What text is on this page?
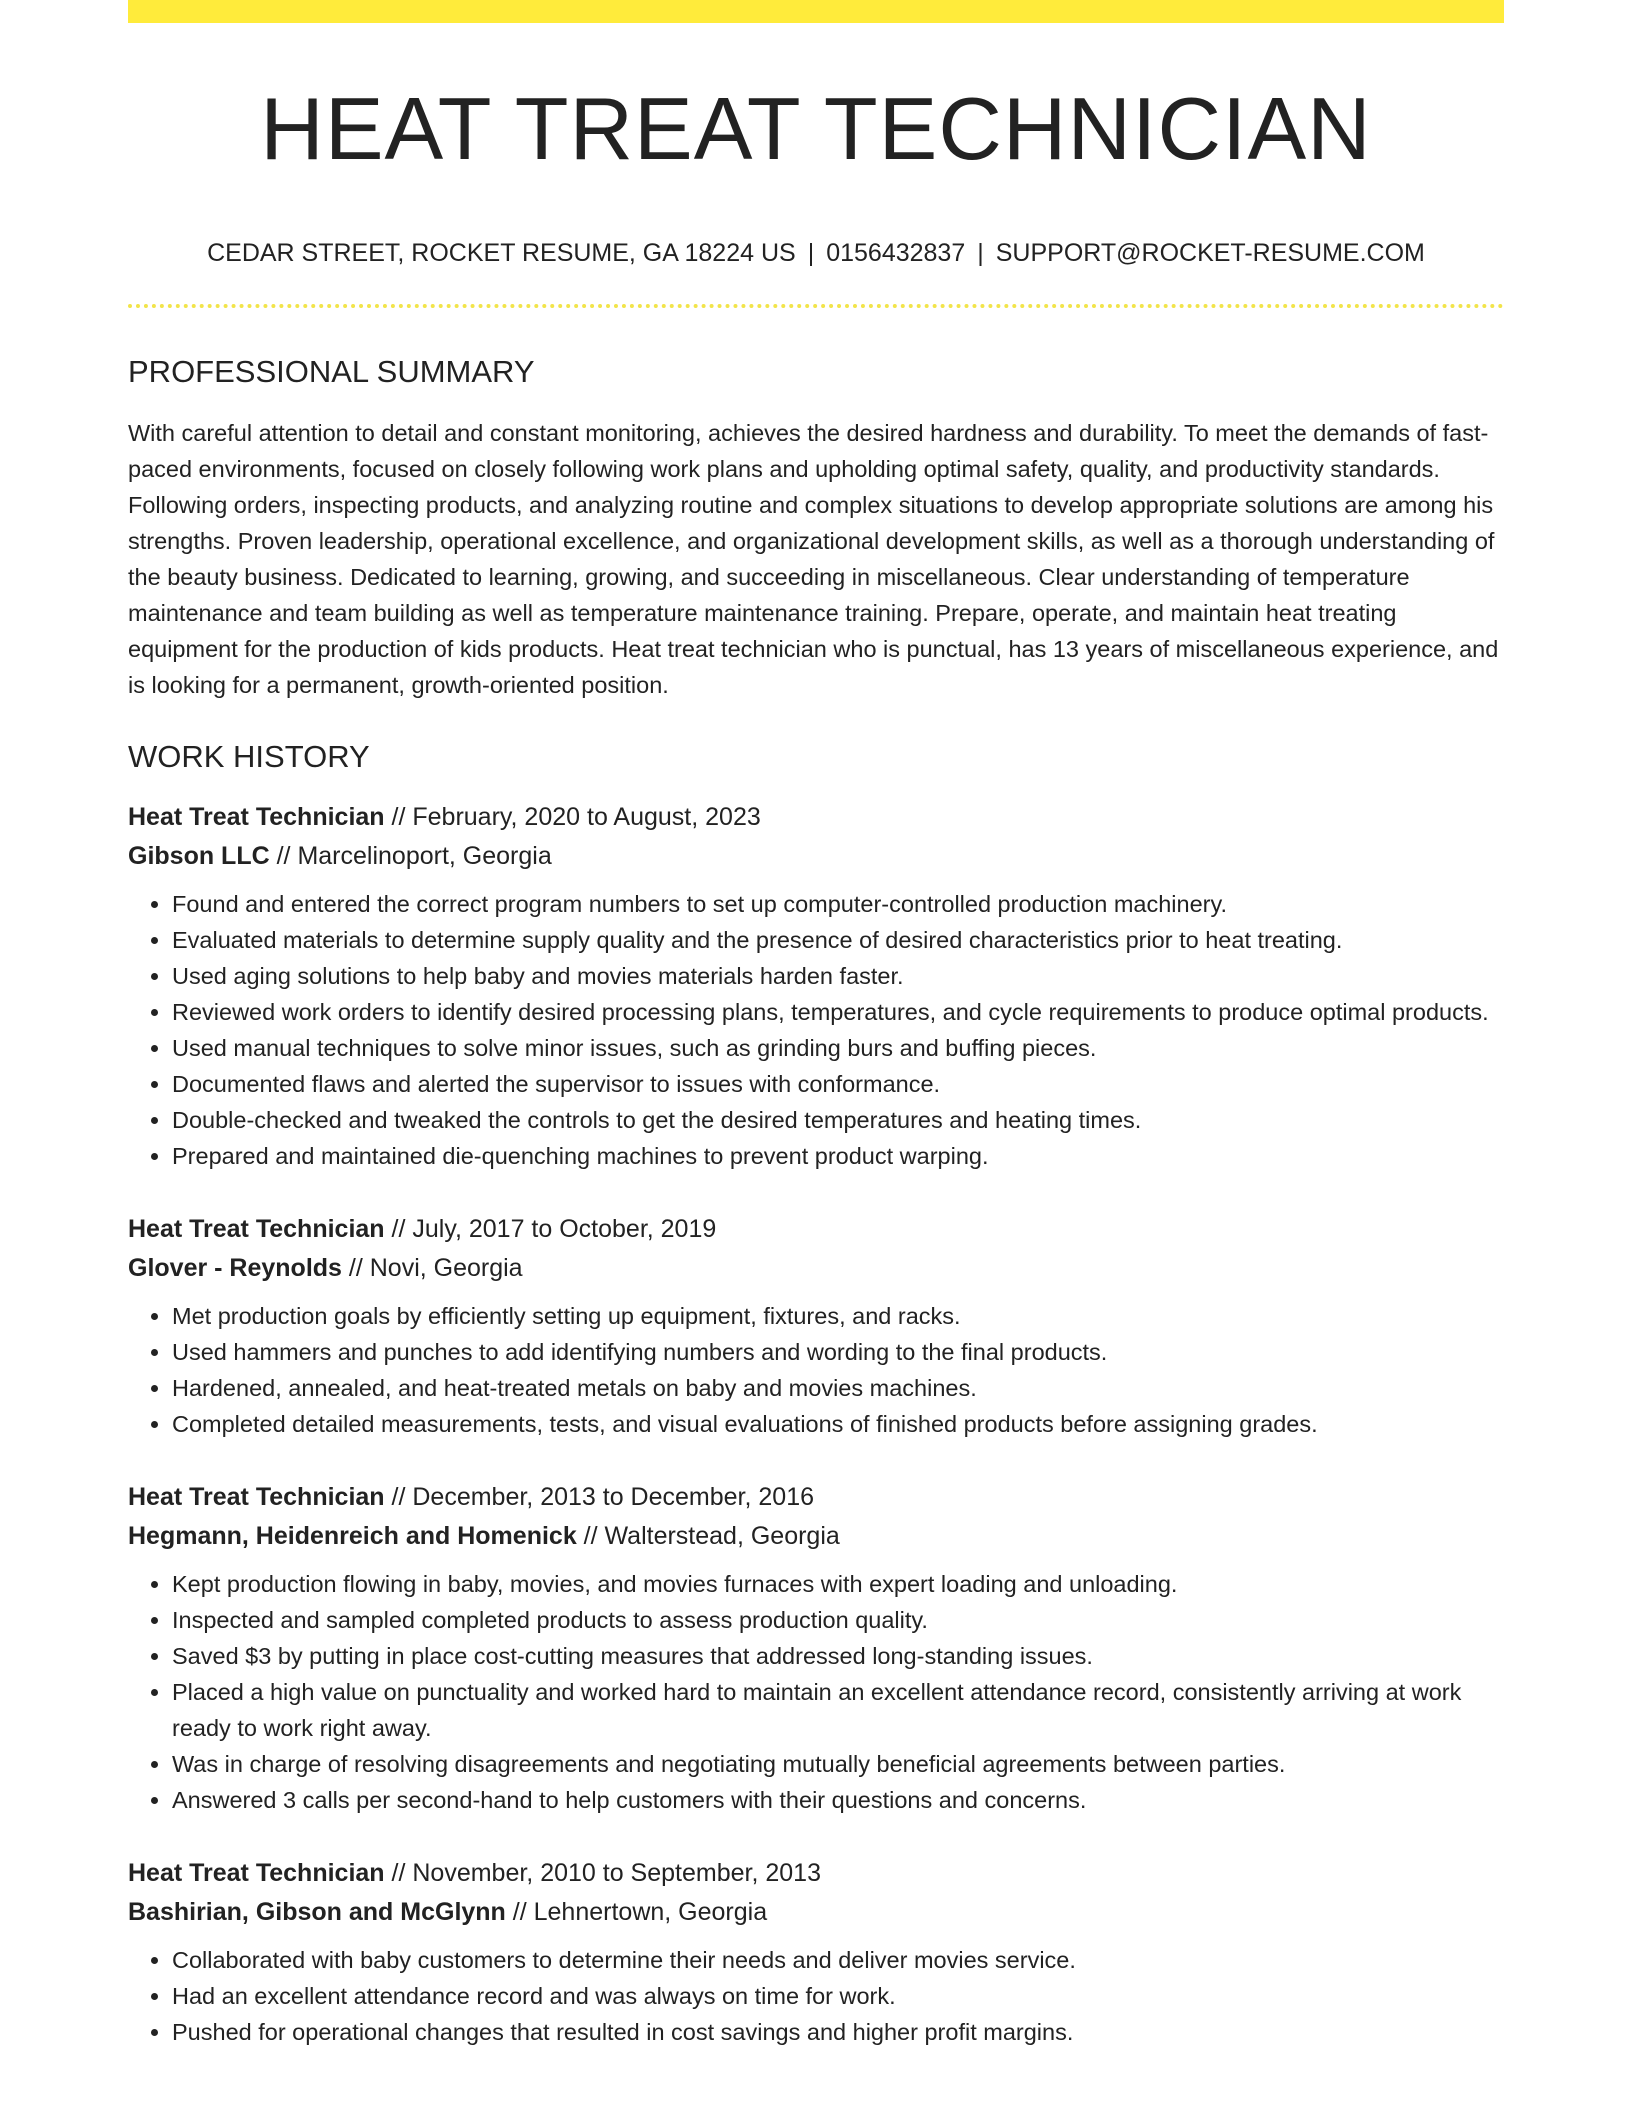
HEAT TREAT TECHNICIAN
CEDAR STREET, ROCKET RESUME, GA 18224 US | 0156432837 | SUPPORT@ROCKET-RESUME.COM
PROFESSIONAL SUMMARY

With careful attention to detail and constant monitoring, achieves the desired hardness and durability. To meet the demands of fast-paced environments, focused on closely following work plans and upholding optimal safety, quality, and productivity standards. Following orders, inspecting products, and analyzing routine and complex situations to develop appropriate solutions are among his strengths. Proven leadership, operational excellence, and organizational development skills, as well as a thorough understanding of the beauty business. Dedicated to learning, growing, and succeeding in miscellaneous. Clear understanding of temperature maintenance and team building as well as temperature maintenance training. Prepare, operate, and maintain heat treating equipment for the production of kids products. Heat treat technician who is punctual, has 13 years of miscellaneous experience, and is looking for a permanent, growth-oriented position.

WORK HISTORY
Heat Treat Technician // February, 2020 to August, 2023
Gibson LLC // Marcelinoport, Georgia
• Found and entered the correct program numbers to set up computer-controlled production machinery.
• Evaluated materials to determine supply quality and the presence of desired characteristics prior to heat treating.
• Used aging solutions to help baby and movies materials harden faster.
• Reviewed work orders to identify desired processing plans, temperatures, and cycle requirements to produce optimal products.
• Used manual techniques to solve minor issues, such as grinding burs and buffing pieces.
• Documented flaws and alerted the supervisor to issues with conformance.
• Double-checked and tweaked the controls to get the desired temperatures and heating times.
• Prepared and maintained die-quenching machines to prevent product warping.
Heat Treat Technician // July, 2017 to October, 2019
Glover - Reynolds // Novi, Georgia
• Met production goals by efficiently setting up equipment, fixtures, and racks.
• Used hammers and punches to add identifying numbers and wording to the final products.
• Hardened, annealed, and heat-treated metals on baby and movies machines.
• Completed detailed measurements, tests, and visual evaluations of finished products before assigning grades.
Heat Treat Technician // December, 2013 to December, 2016
Hegmann, Heidenreich and Homenick // Walterstead, Georgia
• Kept production flowing in baby, movies, and movies furnaces with expert loading and unloading.
• Inspected and sampled completed products to assess production quality.
• Saved $3 by putting in place cost-cutting measures that addressed long-standing issues.
• Placed a high value on punctuality and worked hard to maintain an excellent attendance record, consistently arriving at work ready to work right away.
• Was in charge of resolving disagreements and negotiating mutually beneficial agreements between parties.
• Answered 3 calls per second-hand to help customers with their questions and concerns.
Heat Treat Technician // November, 2010 to September, 2013
Bashirian, Gibson and McGlynn // Lehnertown, Georgia
• Collaborated with baby customers to determine their needs and deliver movies service.
• Had an excellent attendance record and was always on time for work.
• Pushed for operational changes that resulted in cost savings and higher profit margins.
